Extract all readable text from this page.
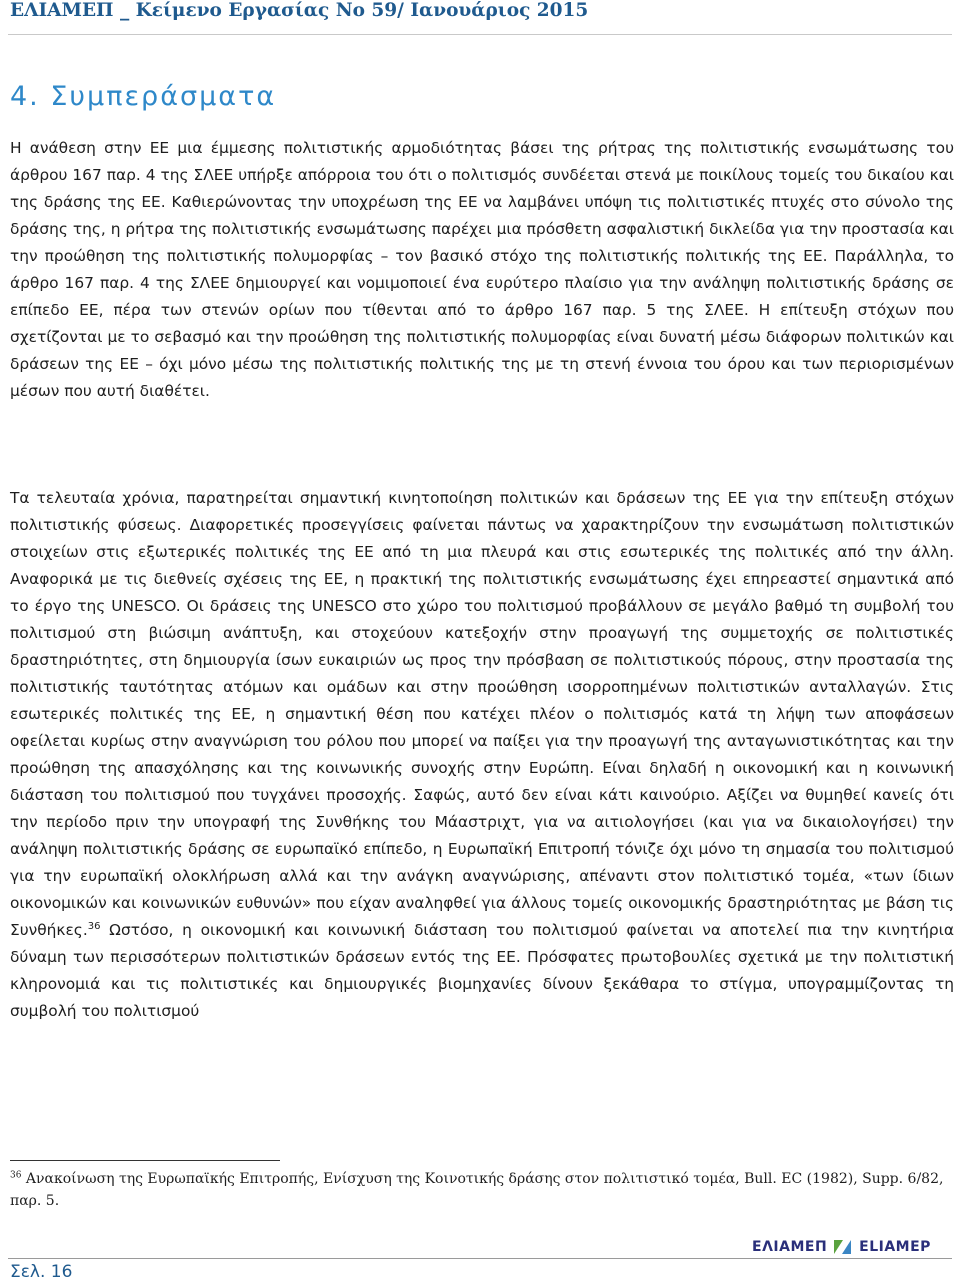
ΕΛΙΑΜΕΠ _ Κείμενο Εργασίας Νο 59/ Ιανουάριος 2015
4. Συμπεράσματα

Η ανάθεση στην ΕΕ μια έμμεσης πολιτιστικής αρμοδιότητας βάσει της ρήτρας της πολιτιστικής ενσωμάτωσης του άρθρου 167 παρ. 4 της ΣΛΕΕ υπήρξε απόρροια του ότι ο πολιτισμός συνδέεται στενά με ποικίλους τομείς του δικαίου και της δράσης της ΕΕ. Καθιερώνοντας την υποχρέωση της ΕΕ να λαμβάνει υπόψη τις πολιτιστικές πτυχές στο σύνολο της δράσης της, η ρήτρα της πολιτιστικής ενσωμάτωσης παρέχει μια πρόσθετη ασφαλιστική δικλείδα για την προστασία και την προώθηση της πολιτιστικής πολυμορφίας – τον βασικό στόχο της πολιτιστικής πολιτικής της ΕΕ. Παράλληλα, το άρθρο 167 παρ. 4 της ΣΛΕΕ δημιουργεί και νομιμοποιεί ένα ευρύτερο πλαίσιο για την ανάληψη πολιτιστικής δράσης σε επίπεδο ΕΕ, πέρα των στενών ορίων που τίθενται από το άρθρο 167 παρ. 5 της ΣΛΕΕ. Η επίτευξη στόχων που σχετίζονται με το σεβασμό και την προώθηση της πολιτιστικής πολυμορφίας είναι δυνατή μέσω διάφορων πολιτικών και δράσεων της ΕΕ – όχι μόνο μέσω της πολιτιστικής πολιτικής της με τη στενή έννοια του όρου και των περιορισμένων μέσων που αυτή διαθέτει.

Τα τελευταία χρόνια, παρατηρείται σημαντική κινητοποίηση πολιτικών και δράσεων της ΕΕ για την επίτευξη στόχων πολιτιστικής φύσεως. Διαφορετικές προσεγγίσεις φαίνεται πάντως να χαρακτηρίζουν την ενσωμάτωση πολιτιστικών στοιχείων στις εξωτερικές πολιτικές της ΕΕ από τη μια πλευρά και στις εσωτερικές της πολιτικές από την άλλη. Αναφορικά με τις διεθνείς σχέσεις της ΕΕ, η πρακτική της πολιτιστικής ενσωμάτωσης έχει επηρεαστεί σημαντικά από το έργο της UNESCO. Οι δράσεις της UNESCO στο χώρο του πολιτισμού προβάλλουν σε μεγάλο βαθμό τη συμβολή του πολιτισμού στη βιώσιμη ανάπτυξη, και στοχεύουν κατεξοχήν στην προαγωγή της συμμετοχής σε πολιτιστικές δραστηριότητες, στη δημιουργία ίσων ευκαιριών ως προς την πρόσβαση σε πολιτιστικούς πόρους, στην προστασία της πολιτιστικής ταυτότητας ατόμων και ομάδων και στην προώθηση ισορροπημένων πολιτιστικών ανταλλαγών. Στις εσωτερικές πολιτικές της ΕΕ, η σημαντική θέση που κατέχει πλέον ο πολιτισμός κατά τη λήψη των αποφάσεων οφείλεται κυρίως στην αναγνώριση του ρόλου που μπορεί να παίξει για την προαγωγή της ανταγωνιστικότητας και την προώθηση της απασχόλησης και της κοινωνικής συνοχής στην Ευρώπη. Είναι δηλαδή η οικονομική και η κοινωνική διάσταση του πολιτισμού που τυγχάνει προσοχής. Σαφώς, αυτό δεν είναι κάτι καινούριο. Αξίζει να θυμηθεί κανείς ότι την περίοδο πριν την υπογραφή της Συνθήκης του Μάαστριχτ, για να αιτιολογήσει (και για να δικαιολογήσει) την ανάληψη πολιτιστικής δράσης σε ευρωπαϊκό επίπεδο, η Ευρωπαϊκή Επιτροπή τόνιζε όχι μόνο τη σημασία του πολιτισμού για την ευρωπαϊκή ολοκλήρωση αλλά και την ανάγκη αναγνώρισης, απέναντι στον πολιτιστικό τομέα, «των ίδιων οικονομικών και κοινωνικών ευθυνών» που είχαν αναληφθεί για άλλους τομείς οικονομικής δραστηριότητας με βάση τις Συνθήκες.$^{36}$ Ωστόσο, η οικονομική και κοινωνική διάσταση του πολιτισμού φαίνεται να αποτελεί πια την κινητήρια δύναμη των περισσότερων πολιτιστικών δράσεων εντός της ΕΕ. Πρόσφατες πρωτοβουλίες σχετικά με την πολιτιστική κληρονομιά και τις πολιτιστικές και δημιουργικές βιομηχανίες δίνουν ξεκάθαρα το στίγμα, υπογραμμίζοντας τη συμβολή του πολιτισμού

$^{36}$ Ανακοίνωση της Ευρωπαϊκής Επιτροπής, Ενίσχυση της Κοινοτικής δράσης στον πολιτιστικό τομέα, Bull. EC (1982), Supp. 6/82, παρ. 5.
ΕΛΙΑΜΕΠ ELIAMEP
Σελ. 16
